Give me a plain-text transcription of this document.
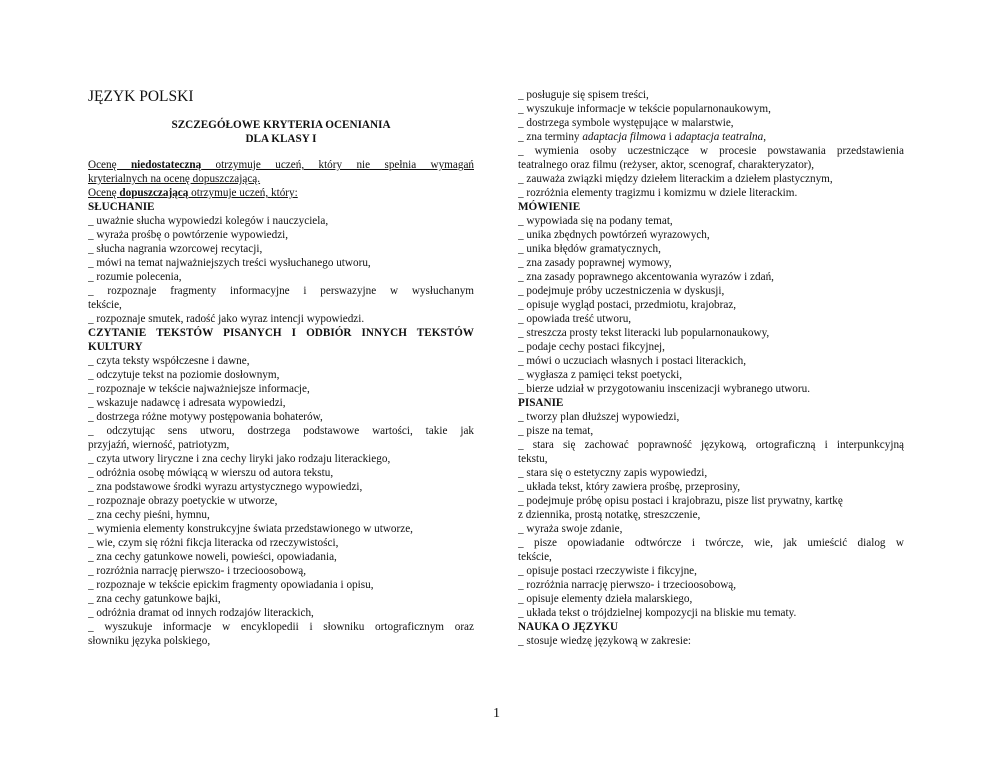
JĘZYK POLSKI
SZCZEGÓŁOWE KRYTERIA OCENIANIA
DLA KLASY I
Ocenę niedostateczną otrzymuje uczeń, który nie spełnia wymagań
kryterialnych na ocenę dopuszczającą.
Ocenę dopuszczającą otrzymuje uczeń, który:
SŁUCHANIE
_ uważnie słucha wypowiedzi kolegów i nauczyciela,
_ wyraża prośbę o powtórzenie wypowiedzi,
_ słucha nagrania wzorcowej recytacji,
_ mówi na temat najważniejszych treści wysłuchanego utworu,
_ rozumie polecenia,
_ rozpoznaje fragmenty informacyjne i perswazyjne w wysłuchanym
tekście,
_ rozpoznaje smutek, radość jako wyraz intencji wypowiedzi.
CZYTANIE TEKSTÓW PISANYCH I ODBIÓR INNYCH TEKSTÓW
KULTURY
_ czyta teksty współczesne i dawne,
_ odczytuje tekst na poziomie dosłownym,
_ rozpoznaje w tekście najważniejsze informacje,
_ wskazuje nadawcę i adresata wypowiedzi,
_ dostrzega różne motywy postępowania bohaterów,
_ odczytując sens utworu, dostrzega podstawowe wartości, takie jak
przyjaźń, wierność, patriotyzm,
_ czyta utwory liryczne i zna cechy liryki jako rodzaju literackiego,
_ odróżnia osobę mówiącą w wierszu od autora tekstu,
_ zna podstawowe środki wyrazu artystycznego wypowiedzi,
_ rozpoznaje obrazy poetyckie w utworze,
_ zna cechy pieśni, hymnu,
_ wymienia elementy konstrukcyjne świata przedstawionego w utworze,
_ wie, czym się różni fikcja literacka od rzeczywistości,
_ zna cechy gatunkowe noweli, powieści, opowiadania,
_ rozróżnia narrację pierwszo- i trzecioosobową,
_ rozpoznaje w tekście epickim fragmenty opowiadania i opisu,
_ zna cechy gatunkowe bajki,
_ odróżnia dramat od innych rodzajów literackich,
_ wyszukuje informacje w encyklopedii i słowniku ortograficznym oraz
słowniku języka polskiego,
_ posługuje się spisem treści,
_ wyszukuje informacje w tekście popularnonaukowym,
_ dostrzega symbole występujące w malarstwie,
_ zna terminy adaptacja filmowa i adaptacja teatralna,
_ wymienia osoby uczestniczące w procesie powstawania przedstawienia
teatralnego oraz filmu (reżyser, aktor, scenograf, charakteryzator),
_ zauważa związki między dziełem literackim a dziełem plastycznym,
_ rozróżnia elementy tragizmu i komizmu w dziele literackim.
MÓWIENIE
_ wypowiada się na podany temat,
_ unika zbędnych powtórzeń wyrazowych,
_ unika błędów gramatycznych,
_ zna zasady poprawnej wymowy,
_ zna zasady poprawnego akcentowania wyrazów i zdań,
_ podejmuje próby uczestniczenia w dyskusji,
_ opisuje wygląd postaci, przedmiotu, krajobraz,
_ opowiada treść utworu,
_ streszcza prosty tekst literacki lub popularnonaukowy,
_ podaje cechy postaci fikcyjnej,
_ mówi o uczuciach własnych i postaci literackich,
_ wygłasza z pamięci tekst poetycki,
_ bierze udział w przygotowaniu inscenizacji wybranego utworu.
PISANIE
_ tworzy plan dłuższej wypowiedzi,
_ pisze na temat,
_ stara się zachować poprawność językową, ortograficzną i interpunkcyjną
tekstu,
_ stara się o estetyczny zapis wypowiedzi,
_ układa tekst, który zawiera prośbę, przeprosiny,
_ podejmuje próbę opisu postaci i krajobrazu, pisze list prywatny, kartkę
z dziennika, prostą notatkę, streszczenie,
_ wyraża swoje zdanie,
_ pisze opowiadanie odtwórcze i twórcze, wie, jak umieścić dialog w
tekście,
_ opisuje postaci rzeczywiste i fikcyjne,
_ rozróżnia narrację pierwszo- i trzecioosobową,
_ opisuje elementy dzieła malarskiego,
_ układa tekst o trójdzielnej kompozycji na bliskie mu tematy.
NAUKA O JĘZYKU
_ stosuje wiedzę językową w zakresie:
1
